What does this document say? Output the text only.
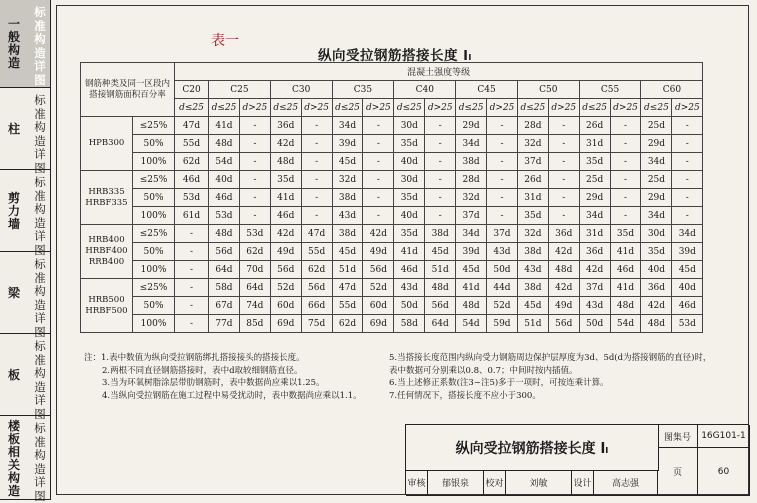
一般构造
标准构造详图
柱
标准构造详图
剪力墙
标准构造详图
梁
标准构造详图
板
标准构造详图
楼板相关构造
标准构造详图
表一
纵向受拉钢筋搭接长度 lₗ
钢筋种类及同一区段内搭接钢筋面积百分率		混凝土强度等级																
		C20	C25		C30		C35		C40		C45		C50		C55		C60	
		d≤25	d≤25	d>25	d≤25	d>25	d≤25	d>25	d≤25	d>25	d≤25	d>25	d≤25	d>25	d≤25	d>25	d≤25	d>25
HPB300	≤25%	47d	41d	-	36d	-	34d	-	30d	-	29d	-	28d	-	26d	-	25d	-
	50%	55d	48d	-	42d	-	39d	-	35d	-	34d	-	32d	-	31d	-	29d	-
	100%	62d	54d	-	48d	-	45d	-	40d	-	38d	-	37d	-	35d	-	34d	-
HRB335 HRBF335	≤25%	46d	40d	-	35d	-	32d	-	30d	-	28d	-	26d	-	25d	-	25d	-
	50%	53d	46d	-	41d	-	38d	-	35d	-	32d	-	31d	-	29d	-	29d	-
	100%	61d	53d	-	46d	-	43d	-	40d	-	37d	-	35d	-	34d	-	34d	-
HRB400 HRBF400 RRB400	≤25%	-	48d	53d	42d	47d	38d	42d	35d	38d	34d	37d	32d	36d	31d	35d	30d	34d
	50%	-	56d	62d	49d	55d	45d	49d	41d	45d	39d	43d	38d	42d	36d	41d	35d	39d
	100%	-	64d	70d	56d	62d	51d	56d	46d	51d	45d	50d	43d	48d	42d	46d	40d	45d
HRB500 HRBF500	≤25%	-	58d	64d	52d	56d	47d	52d	43d	48d	41d	44d	38d	42d	37d	41d	36d	40d
	50%	-	67d	74d	60d	66d	55d	60d	50d	56d	48d	52d	45d	49d	43d	48d	42d	46d
	100%	-	77d	85d	69d	75d	62d	69d	58d	64d	54d	59d	51d	56d	50d	54d	48d	53d
注：1.表中数值为纵向受拉钢筋绑扎搭接接头的搭接长度。
2.两根不同直径钢筋搭接时，表中d取较细钢筋直径。
3.当为环氧树脂涂层带肋钢筋时，表中数据尚应乘以1.25。
4.当纵向受拉钢筋在施工过程中易受扰动时，表中数据尚应乘以1.1。
5.当搭接长度范围内纵向受力钢筋周边保护层厚度为3d、5d(d为搭接钢筋的直径)时，表中数据可分别乘以0.8、0.7；中间时按内插值。
6.当上述修正系数(注3~注5)多于一项时，可按连乘计算。
7.任何情况下，搭接长度不应小于300。
纵向受拉钢筋搭接长度 lₗ
图集号	16G101-1
审核	郁银泉	校对	刘敏	设计	高志强
页	60
